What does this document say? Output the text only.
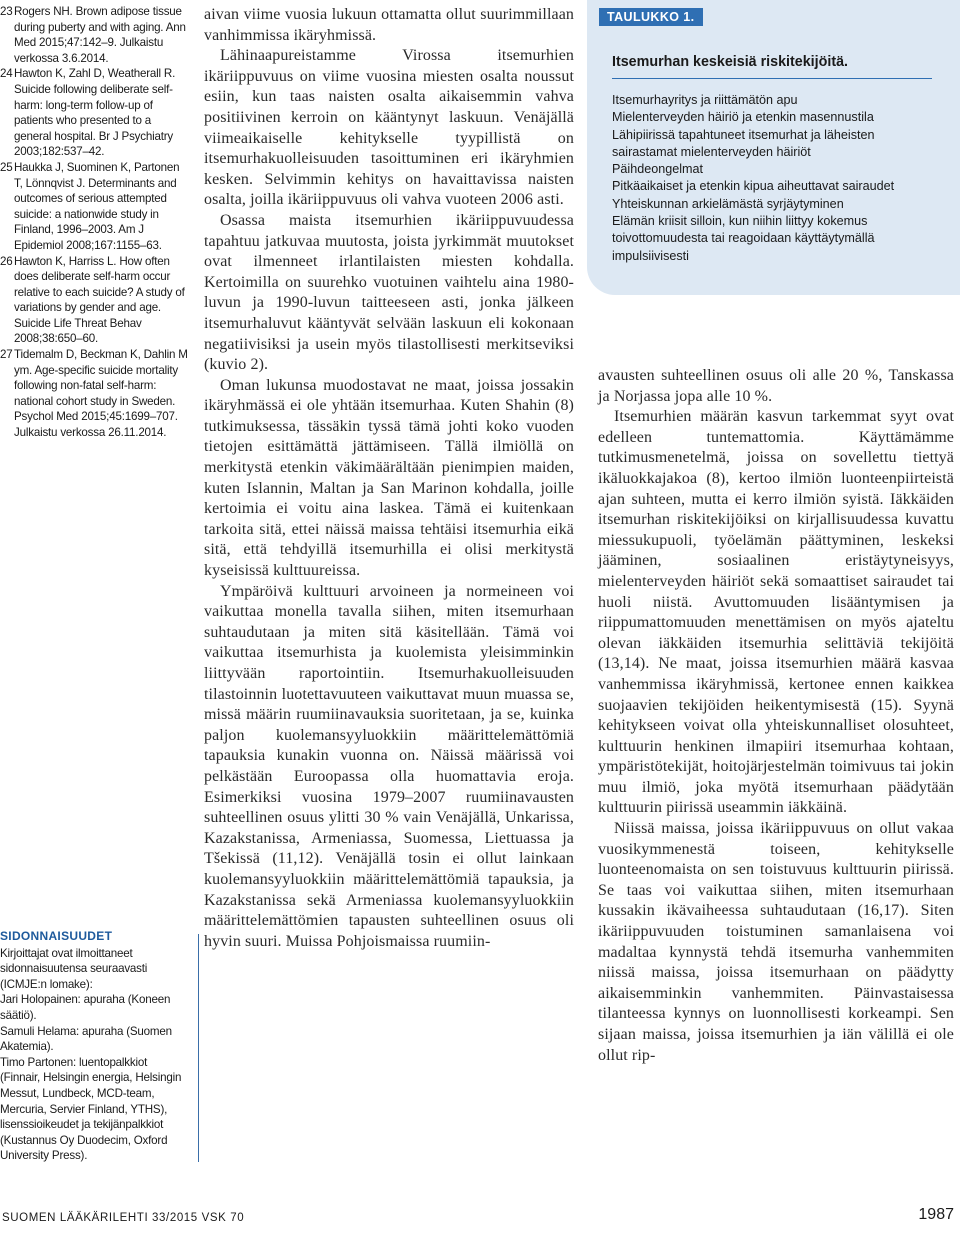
23 Rogers NH. Brown adipose tissue during puberty and with aging. Ann Med 2015;47:142–9. Julkaistu verkossa 3.6.2014.
24 Hawton K, Zahl D, Weatherall R. Suicide following deliberate self-harm: long-term follow-up of patients who presented to a general hospital. Br J Psychiatry 2003;182:537–42.
25 Haukka J, Suominen K, Partonen T, Lönnqvist J. Determinants and outcomes of serious attempted suicide: a nationwide study in Finland, 1996–2003. Am J Epidemiol 2008;167:1155–63.
26 Hawton K, Harriss L. How often does deliberate self-harm occur relative to each suicide? A study of variations by gender and age. Suicide Life Threat Behav 2008;38:650–60.
27 Tidemalm D, Beckman K, Dahlin M ym. Age-specific suicide mortality following non-fatal self-harm: national cohort study in Sweden. Psychol Med 2015;45:1699–707. Julkaistu verkossa 26.11.2014.
SIDONNAISUUDET

Kirjoittajat ovat ilmoittaneet sidonnaisuutensa seuraavasti (ICMJE:n lomake):

Jari Holopainen: apuraha (Koneen säätiö).

Samuli Helama: apuraha (Suomen Akatemia).

Timo Partonen: luentopalkkiot (Finnair, Helsingin energia, Helsingin Messut, Lundbeck, MCD-team, Mercuria, Servier Finland, YTHS), lisenssioikeudet ja tekijänpalkkiot (Kustannus Oy Duodecim, Oxford University Press).

aivan viime vuosia lukuun ottamatta ollut suurimmillaan vanhimmissa ikäryhmissä.

Lähinaapureistamme Virossa itsemurhien ikäriippuvuus on viime vuosina miesten osalta noussut esiin, kun taas naisten osalta aikaisemmin vahva positiivinen kerroin on kääntynyt laskuun. Venäjällä viimeaikaiselle kehitykselle tyypillistä on itsemurhakuolleisuuden tasoittuminen eri ikäryhmien kesken. Selvimmin kehitys on havaittavissa naisten osalta, joilla ikäriippuvuus oli vahva vuoteen 2006 asti.

Osassa maista itsemurhien ikäriippuvuudessa tapahtuu jatkuvaa muutosta, joista jyrkimmät muutokset ovat ilmenneet irlantilaisten miesten kohdalla. Kertoimilla on suurehko vuotuinen vaihtelu aina 1980-luvun ja 1990-luvun taitteeseen asti, jonka jälkeen itsemurhaluvut kääntyvät selvään laskuun eli kokonaan negatiivisiksi ja usein myös tilastollisesti merkitseviksi (kuvio 2).

Oman lukunsa muodostavat ne maat, joissa jossakin ikäryhmässä ei ole yhtään itsemurhaa. Kuten Shahin (8) tutkimuksessa, tässäkin tyssä tämä johti koko vuoden tietojen esittämättä jättämiseen. Tällä ilmiöllä on merkitystä etenkin väkimäärältään pienimpien maiden, kuten Islannin, Maltan ja San Marinon kohdalla, joille kertoimia ei voitu aina laskea. Tämä ei kuitenkaan tarkoita sitä, ettei näissä maissa tehtäisi itsemurhia eikä sitä, että tehdyillä itsemurhilla ei olisi merkitystä kyseisissä kulttuureissa.

Ympäröivä kulttuuri arvoineen ja normeineen voi vaikuttaa monella tavalla siihen, miten itsemurhaan suhtaudutaan ja miten sitä käsitellään. Tämä voi vaikuttaa itsemurhista ja kuolemista yleisimminkin liittyvään raportointiin. Itsemurhakuolleisuuden tilastoinnin luotettavuuteen vaikuttavat muun muassa se, missä määrin ruumiinavauksia suoritetaan, ja se, kuinka paljon kuolemansyyluokkiin määrittelemättömiä tapauksia kunakin vuonna on. Näissä määrissä voi pelkästään Euroopassa olla huomattavia eroja. Esimerkiksi vuosina 1979–2007 ruumiinavausten suhteellinen osuus ylitti 30 % vain Venäjällä, Unkarissa, Kazakstanissa, Armeniassa, Suomessa, Liettuassa ja Tšekissä (11,12). Venäjällä tosin ei ollut lainkaan kuolemansyyluokkiin määrittelemättömiä tapauksia, ja Kazakstanissa sekä Armeniassa kuolemansyyluokkiin määrittelemättömien tapausten suhteellinen osuus oli hyvin suuri. Muissa Pohjoismaissa ruumiin-

TAULUKKO 1.
Itsemurhan keskeisiä riskitekijöitä.
Itsemurhayritys ja riittämätön apu
Mielenterveyden häiriö ja etenkin masennustila
Lähipiirissä tapahtuneet itsemurhat ja läheisten sairastamat mielenterveyden häiriöt
Päihdeongelmat
Pitkäaikaiset ja etenkin kipua aiheuttavat sairaudet
Yhteiskunnan arkielämästä syrjäytyminen
Elämän kriisit silloin, kun niihin liittyy kokemus toivottomuudesta tai reagoidaan käyttäytymällä impulsiivisesti

avausten suhteellinen osuus oli alle 20 %, Tanskassa ja Norjassa jopa alle 10 %.

Itsemurhien määrän kasvun tarkemmat syyt ovat edelleen tuntemattomia. Käyttämämme tutkimusmenetelmä, joissa on sovellettu tiettyä ikäluokkajakoa (8), kertoo ilmiön luonteenpiirteistä ajan suhteen, mutta ei kerro ilmiön syistä. Iäkkäiden itsemurhan riskitekijöiksi on kirjallisuudessa kuvattu miessukupuoli, työelämän päättyminen, leskeksi jääminen, sosiaalinen eristäytyneisyys, mielenterveyden häiriöt sekä somaattiset sairaudet tai huoli niistä. Avuttomuuden lisääntymisen ja riippumattomuuden menettämisen on myös ajateltu olevan iäkkäiden itsemurhia selittäviä tekijöitä (13,14). Ne maat, joissa itsemurhien määrä kasvaa vanhemmissa ikäryhmissä, kertonee ennen kaikkea suojaavien tekijöiden heikentymisestä (15). Syynä kehitykseen voivat olla yhteiskunnalliset olosuhteet, kulttuurin henkinen ilmapiiri itsemurhaa kohtaan, ympäristötekijät, hoitojärjestelmän toimivuus tai jokin muu ilmiö, joka myötä itsemurhaan päädytään kulttuurin piirissä useammin iäkkäinä.

Niissä maissa, joissa ikäriippuvuus on ollut vakaa vuosikymmenestä toiseen, kehitykselle luonteenomaista on sen toistuvuus kulttuurin piirissä. Se taas voi vaikuttaa siihen, miten itsemurhaan kussakin ikävaiheessa suhtaudutaan (16,17). Siten ikäriippuvuuden toistuminen samanlaisena voi madaltaa kynnystä tehdä itsemurha vanhemmiten niissä maissa, joissa itsemurhaan on päädytty aikaisemminkin vanhemmiten. Päinvastaisessa tilanteessa kynnys on luonnollisesti korkeampi. Sen sijaan maissa, joissa itsemurhien ja iän välillä ei ole ollut rip-

SUOMEN LÄÄKÄRILEHTI 33/2015 VSK 70	1987
